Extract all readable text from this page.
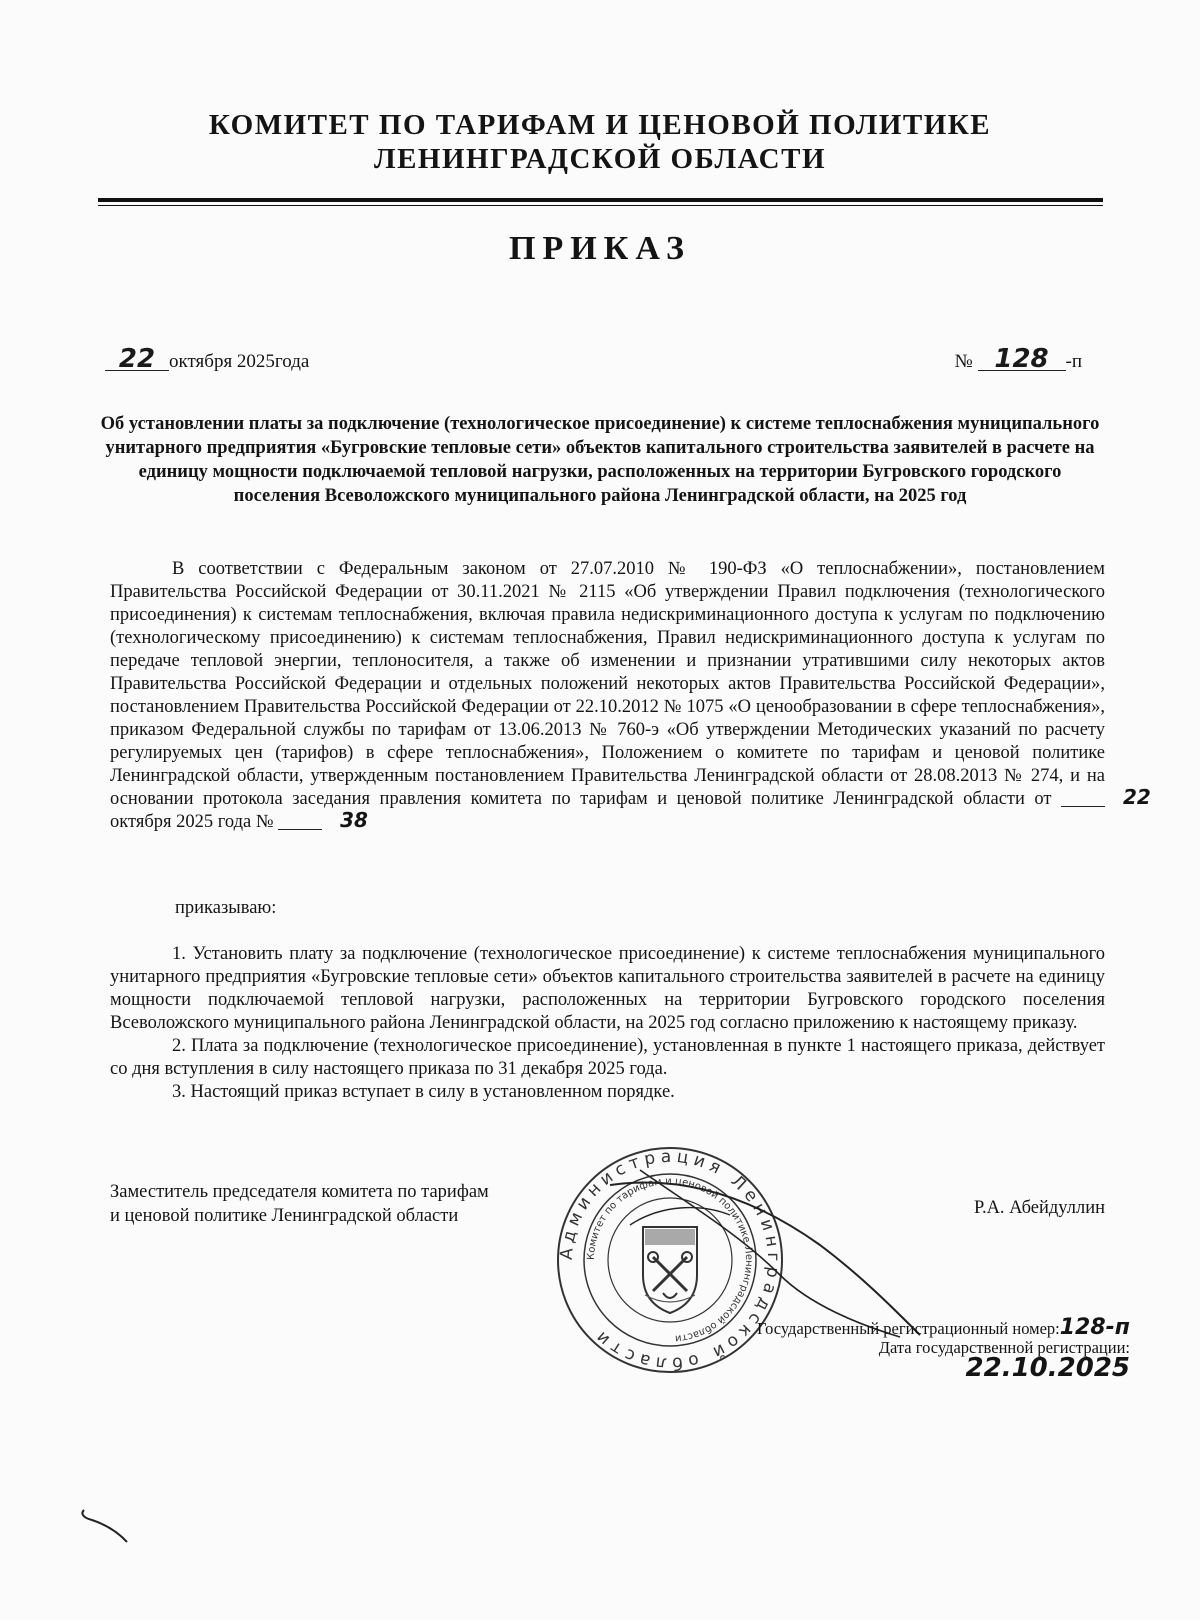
КОМИТЕТ ПО ТАРИФАМ И ЦЕНОВОЙ ПОЛИТИКЕ
ЛЕНИНГРАДСКОЙ ОБЛАСТИ
ПРИКАЗ
22 октября 2025года	№ 128 -п
Об установлении платы за подключение (технологическое присоединение) к системе теплоснабжения муниципального унитарного предприятия «Бугровские тепловые сети» объектов капитального строительства заявителей в расчете на единицу мощности подключаемой тепловой нагрузки, расположенных на территории Бугровского городского поселения Всеволожского муниципального района Ленинградской области, на 2025 год
В соответствии с Федеральным законом от 27.07.2010 № 190-ФЗ «О теплоснабжении», постановлением Правительства Российской Федерации от 30.11.2021 № 2115 «Об утверждении Правил подключения (технологического присоединения) к системам теплоснабжения, включая правила недискриминационного доступа к услугам по подключению (технологическому присоединению) к системам теплоснабжения, Правил недискриминационного доступа к услугам по передаче тепловой энергии, теплоносителя, а также об изменении и признании утратившими силу некоторых актов Правительства Российской Федерации и отдельных положений некоторых актов Правительства Российской Федерации», постановлением Правительства Российской Федерации от 22.10.2012 № 1075 «О ценообразовании в сфере теплоснабжения», приказом Федеральной службы по тарифам от 13.06.2013 № 760-э «Об утверждении Методических указаний по расчету регулируемых цен (тарифов) в сфере теплоснабжения», Положением о комитете по тарифам и ценовой политике Ленинградской области, утвержденным постановлением Правительства Ленинградской области от 28.08.2013 № 274, и на основании протокола заседания правления комитета по тарифам и ценовой политике Ленинградской области от	22 октября 2025 года №	38
приказываю:

1. Установить плату за подключение (технологическое присоединение) к системе теплоснабжения муниципального унитарного предприятия «Бугровские тепловые сети» объектов капитального строительства заявителей в расчете на единицу мощности подключаемой тепловой нагрузки, расположенных на территории Бугровского городского поселения Всеволожского муниципального района Ленинградской области, на 2025 год согласно приложению к настоящему приказу.

2. Плата за подключение (технологическое присоединение), установленная в пункте 1 настоящего приказа, действует со дня вступления в силу настоящего приказа по 31 декабря 2025 года.

3. Настоящий приказ вступает в силу в установленном порядке.

Заместитель председателя комитета по тарифам
и ценовой политике Ленинградской области	Р.А. Абейдуллин
Администрация Ленинградской области
Комитет по тарифам и ценовой политике Ленинградской области
Государственный регистрационный номер:128-п
Дата государственной регистрации:
22.10.2025
